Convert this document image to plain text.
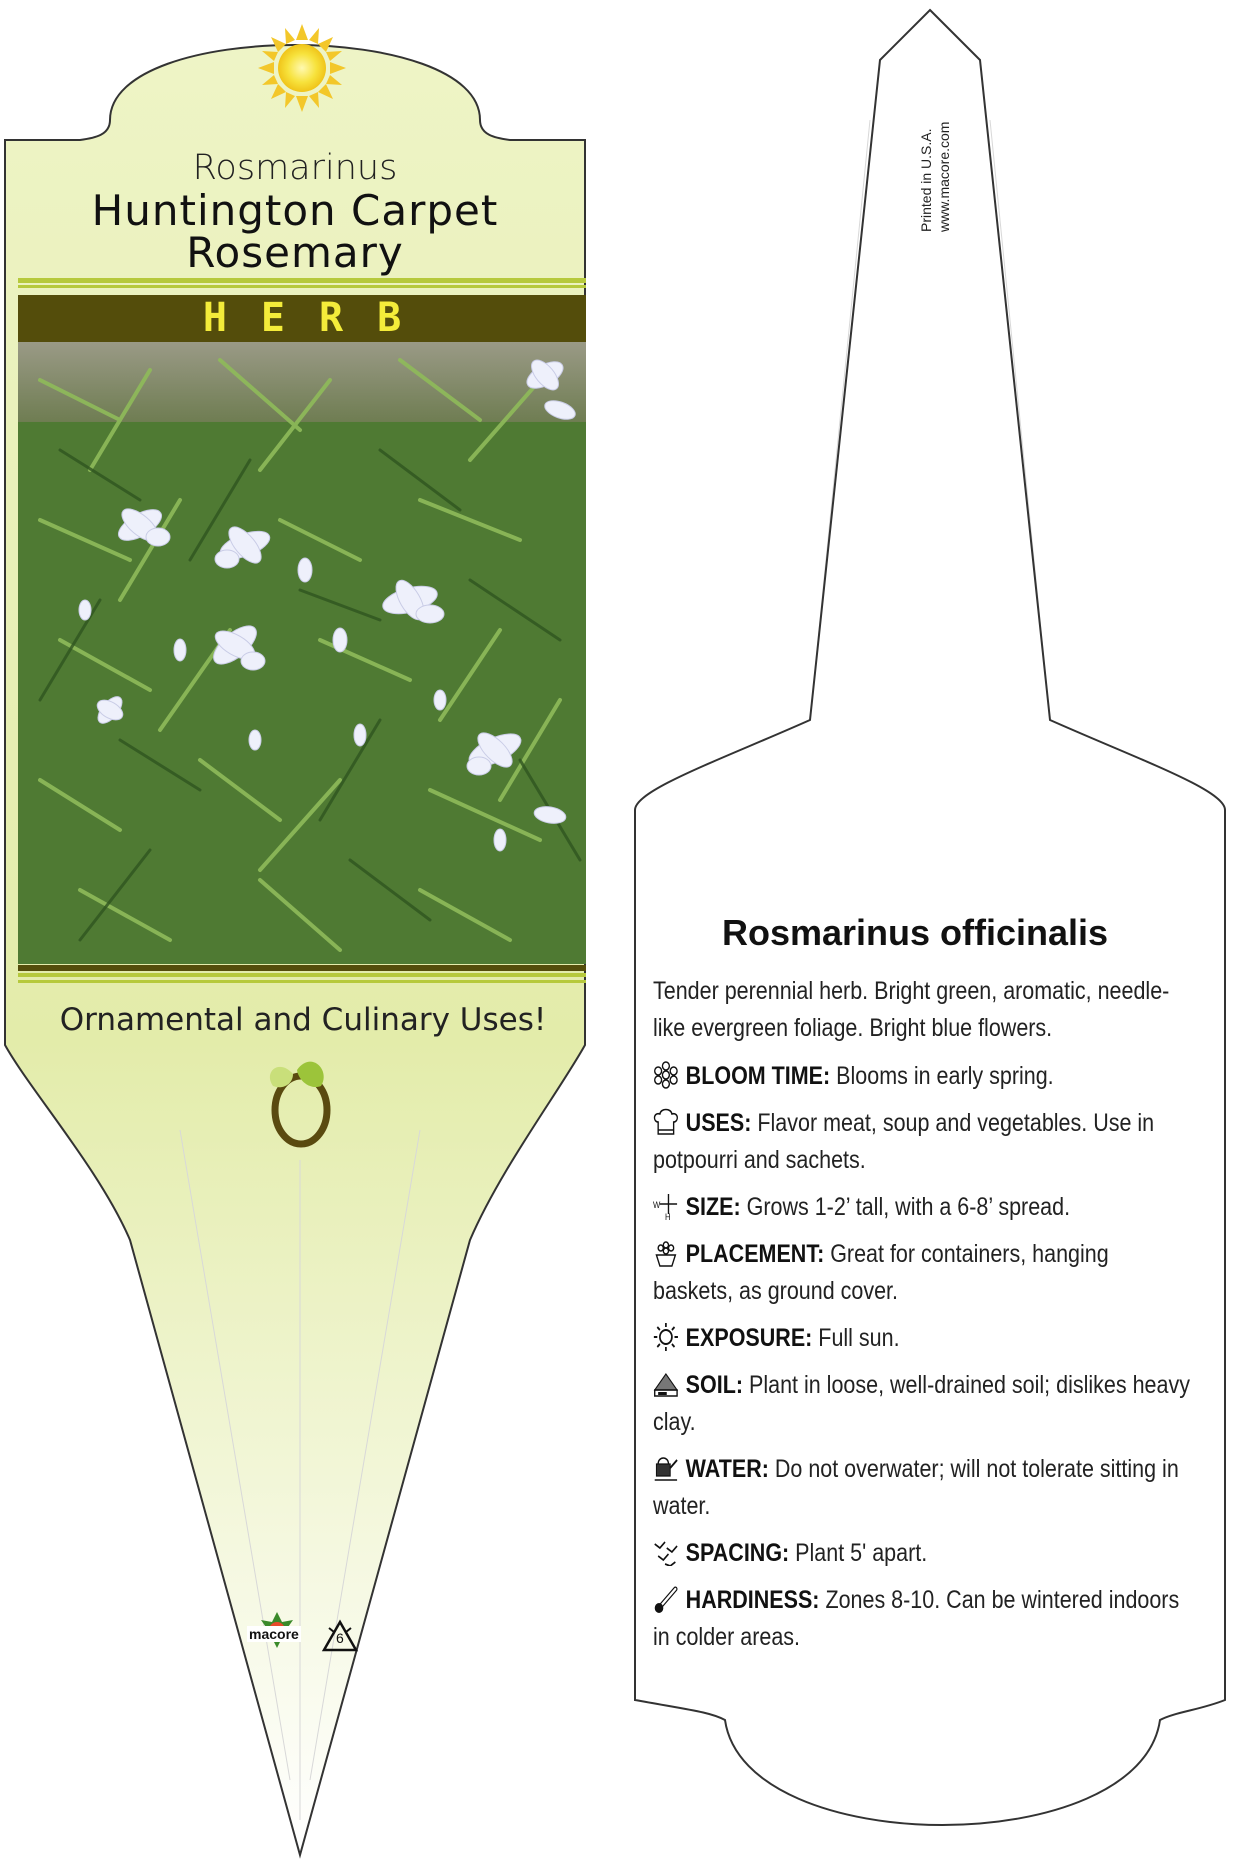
Rosmarinus
Huntington Carpet
Rosemary
HERB
Ornamental and Culinary Uses!
macore	6
Printed in U.S.A. www.macore.com
Rosmarinus officinalis
Tender perennial herb. Bright green, aromatic, needle-like evergreen foliage. Bright blue flowers.
BLOOM TIME: Blooms in early spring.
USES: Flavor meat, soup and vegetables. Use in potpourri and sachets.
W
H SIZE: Grows 1-2’ tall, with a 6-8’ spread.
PLACEMENT: Great for containers, hanging baskets, as ground cover.
EXPOSURE: Full sun.
SOIL: Plant in loose, well-drained soil; dislikes heavy clay.
WATER: Do not overwater; will not tolerate sitting in water.
SPACING: Plant 5' apart.
HARDINESS: Zones 8-10. Can be wintered indoors in colder areas.
